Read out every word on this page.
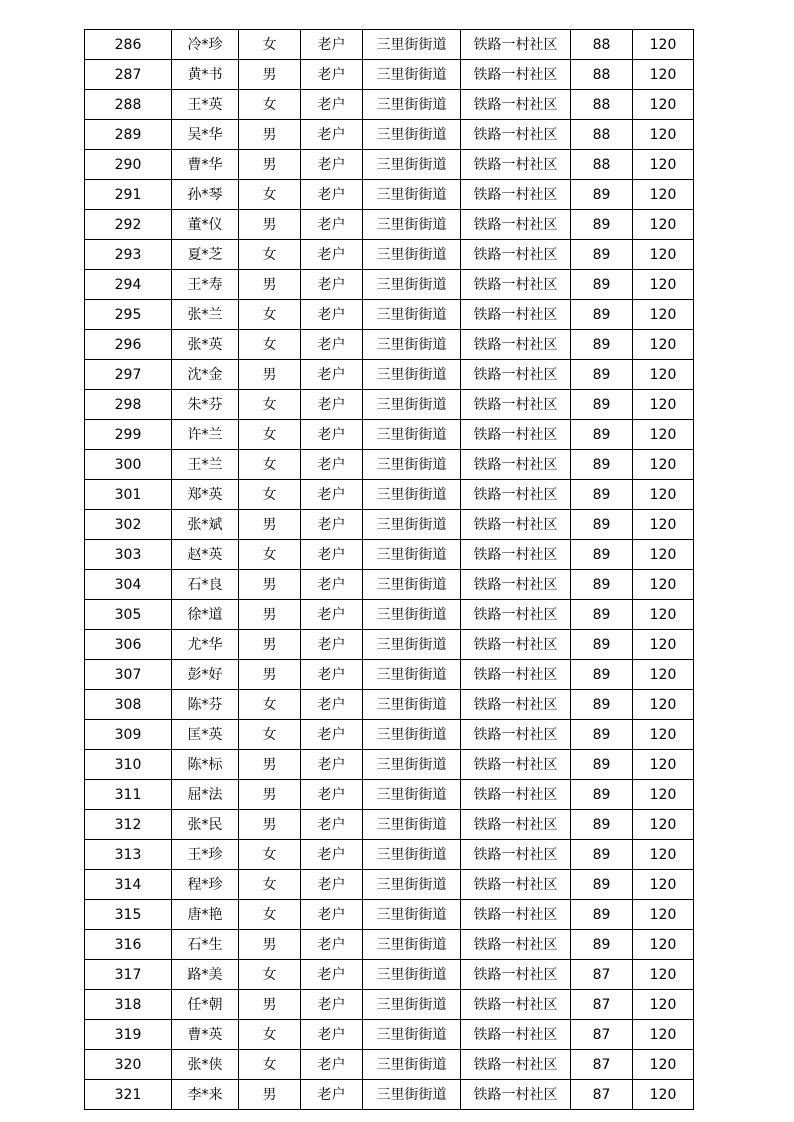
286	冷*珍	女	老户	三里街街道	铁路一村社区	88	120
287	黄*书	男	老户	三里街街道	铁路一村社区	88	120
288	王*英	女	老户	三里街街道	铁路一村社区	88	120
289	吴*华	男	老户	三里街街道	铁路一村社区	88	120
290	曹*华	男	老户	三里街街道	铁路一村社区	88	120
291	孙*琴	女	老户	三里街街道	铁路一村社区	89	120
292	董*仪	男	老户	三里街街道	铁路一村社区	89	120
293	夏*芝	女	老户	三里街街道	铁路一村社区	89	120
294	王*寿	男	老户	三里街街道	铁路一村社区	89	120
295	张*兰	女	老户	三里街街道	铁路一村社区	89	120
296	张*英	女	老户	三里街街道	铁路一村社区	89	120
297	沈*金	男	老户	三里街街道	铁路一村社区	89	120
298	朱*芬	女	老户	三里街街道	铁路一村社区	89	120
299	许*兰	女	老户	三里街街道	铁路一村社区	89	120
300	王*兰	女	老户	三里街街道	铁路一村社区	89	120
301	郑*英	女	老户	三里街街道	铁路一村社区	89	120
302	张*斌	男	老户	三里街街道	铁路一村社区	89	120
303	赵*英	女	老户	三里街街道	铁路一村社区	89	120
304	石*良	男	老户	三里街街道	铁路一村社区	89	120
305	徐*道	男	老户	三里街街道	铁路一村社区	89	120
306	尤*华	男	老户	三里街街道	铁路一村社区	89	120
307	彭*好	男	老户	三里街街道	铁路一村社区	89	120
308	陈*芬	女	老户	三里街街道	铁路一村社区	89	120
309	匡*英	女	老户	三里街街道	铁路一村社区	89	120
310	陈*标	男	老户	三里街街道	铁路一村社区	89	120
311	屈*法	男	老户	三里街街道	铁路一村社区	89	120
312	张*民	男	老户	三里街街道	铁路一村社区	89	120
313	王*珍	女	老户	三里街街道	铁路一村社区	89	120
314	程*珍	女	老户	三里街街道	铁路一村社区	89	120
315	唐*艳	女	老户	三里街街道	铁路一村社区	89	120
316	石*生	男	老户	三里街街道	铁路一村社区	89	120
317	路*美	女	老户	三里街街道	铁路一村社区	87	120
318	任*朝	男	老户	三里街街道	铁路一村社区	87	120
319	曹*英	女	老户	三里街街道	铁路一村社区	87	120
320	张*侠	女	老户	三里街街道	铁路一村社区	87	120
321	李*来	男	老户	三里街街道	铁路一村社区	87	120
